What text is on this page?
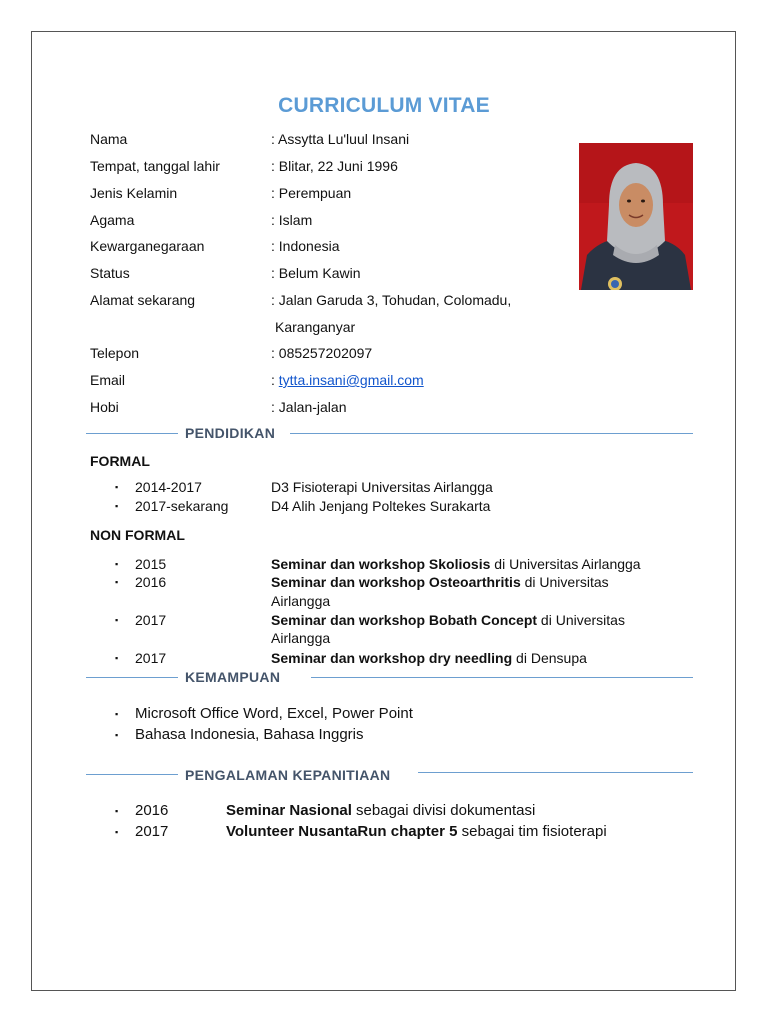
CURRICULUM VITAE
Nama	: Assytta Lu'luul Insani
Tempat, tanggal lahir	: Blitar, 22 Juni 1996
Jenis Kelamin	: Perempuan
Agama	: Islam
Kewarganegaraan	: Indonesia
Status	: Belum Kawin
Alamat sekarang	: Jalan Garuda 3, Tohudan, Colomadu,
Karanganyar
Telepon	: 085257202097
Email	: tytta.insani@gmail.com
Hobi	: Jalan-jalan
PENDIDIKAN
FORMAL
▪ 2014-2017	D3 Fisioterapi Universitas Airlangga
▪ 2017-sekarang	D4 Alih Jenjang Poltekes Surakarta
NON FORMAL
▪ 2015	Seminar dan workshop Skoliosis di Universitas Airlangga
▪ 2016	Seminar dan workshop Osteoarthritis di Universitas
Airlangga
▪ 2017	Seminar dan workshop Bobath Concept di Universitas
Airlangga
▪ 2017	Seminar dan workshop dry needling di Densupa
KEMAMPUAN
▪ Microsoft Office Word, Excel, Power Point
▪ Bahasa Indonesia, Bahasa Inggris
PENGALAMAN KEPANITIAAN
▪ 2016	Seminar Nasional sebagai divisi dokumentasi
▪ 2017	Volunteer NusantaRun chapter 5 sebagai tim fisioterapi
